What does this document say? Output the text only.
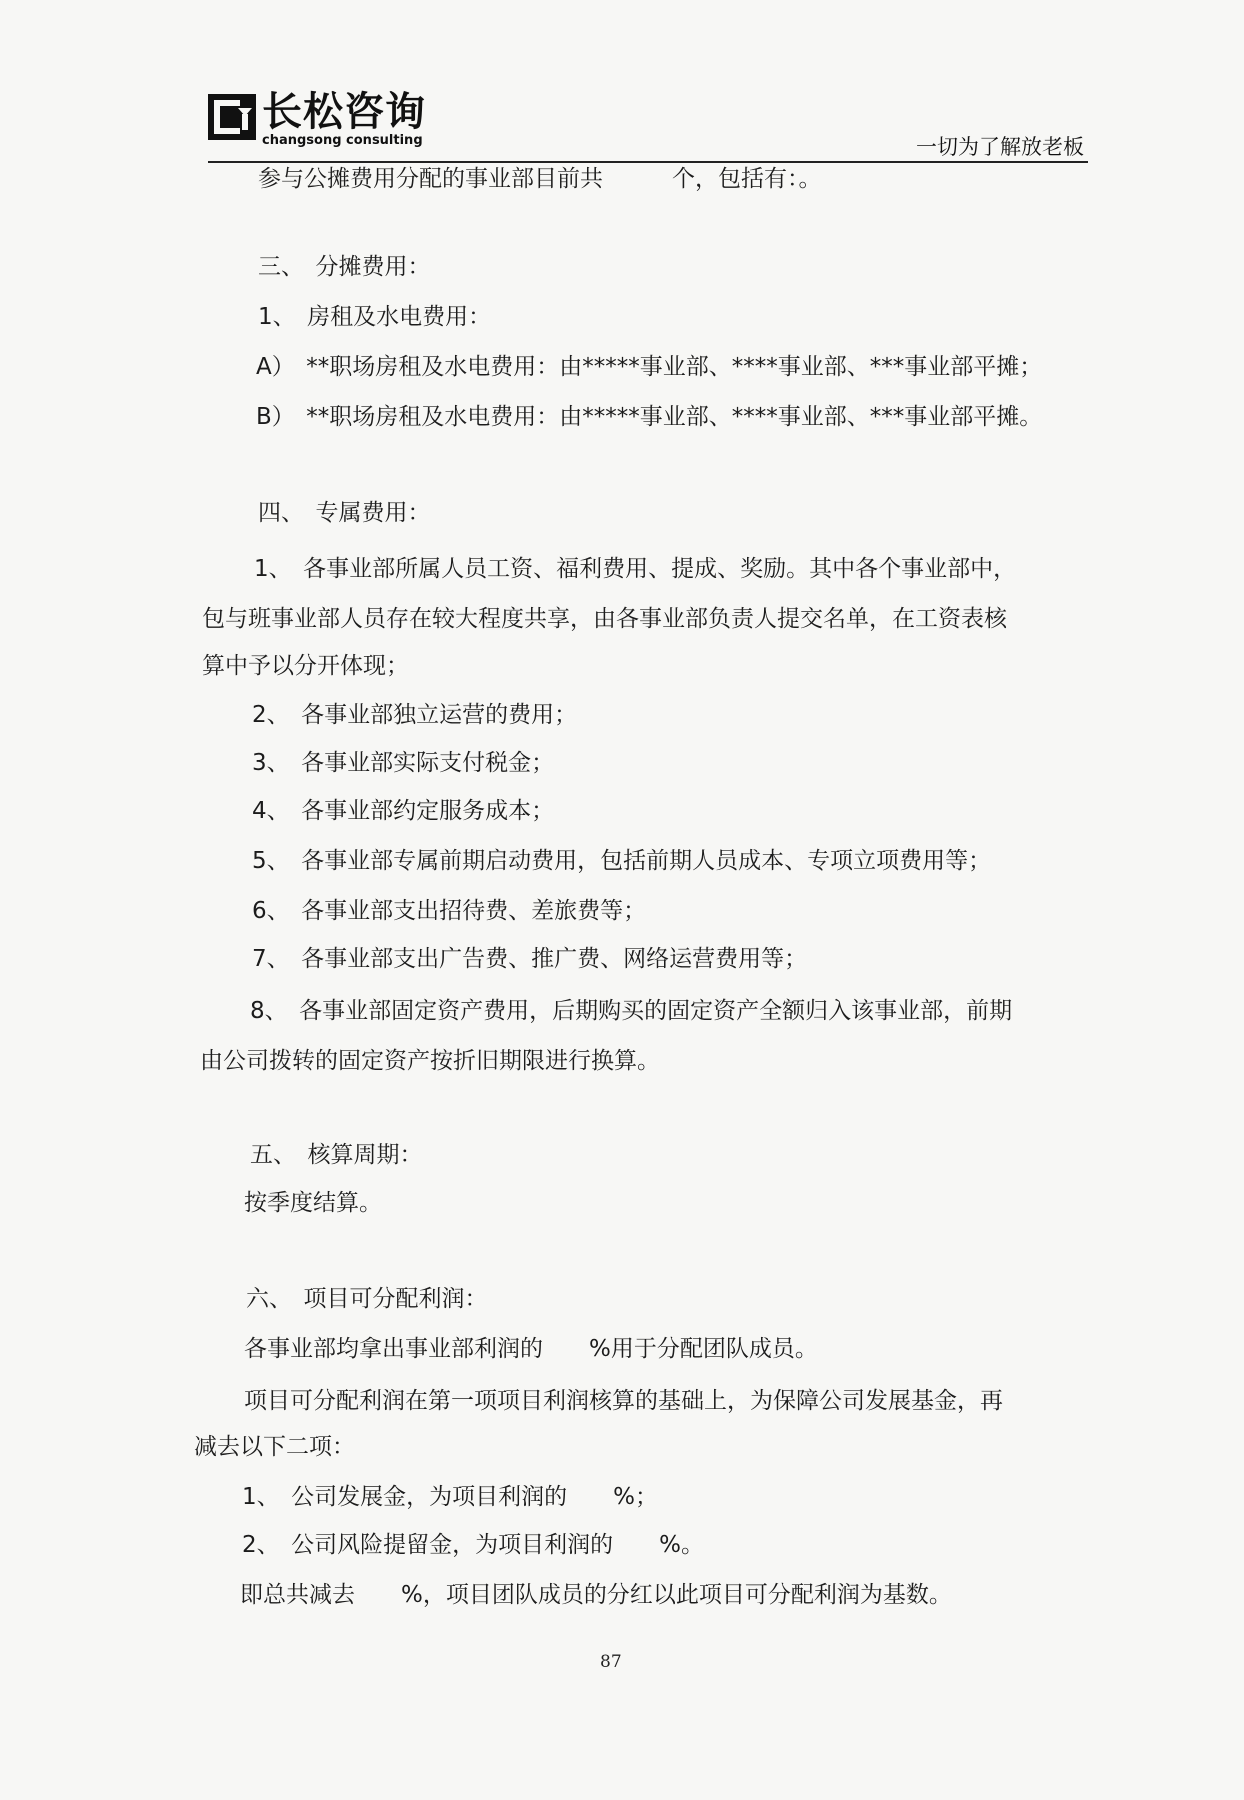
长松咨询
changsong consulting	一切为了解放老板
参与公摊费用分配的事业部目前共　　　个，包括有：。
三、　分摊费用：
1、　房租及水电费用：
A）　**职场房租及水电费用：由*****事业部、****事业部、***事业部平摊；
B）　**职场房租及水电费用：由*****事业部、****事业部、***事业部平摊。
四、　专属费用：
1、　各事业部所属人员工资、福利费用、提成、奖励。其中各个事业部中，
包与班事业部人员存在较大程度共享，由各事业部负责人提交名单，在工资表核
算中予以分开体现；
2、　各事业部独立运营的费用；
3、　各事业部实际支付税金；
4、　各事业部约定服务成本；
5、　各事业部专属前期启动费用，包括前期人员成本、专项立项费用等；
6、　各事业部支出招待费、差旅费等；
7、　各事业部支出广告费、推广费、网络运营费用等；
8、　各事业部固定资产费用，后期购买的固定资产全额归入该事业部，前期
由公司拨转的固定资产按折旧期限进行换算。
五、　核算周期：
按季度结算。
六、　项目可分配利润：
各事业部均拿出事业部利润的　　%用于分配团队成员。
项目可分配利润在第一项项目利润核算的基础上，为保障公司发展基金，再
减去以下二项：
1、　公司发展金，为项目利润的　　%；
2、　公司风险提留金，为项目利润的　　%。
即总共减去　　%，项目团队成员的分红以此项目可分配利润为基数。
87
